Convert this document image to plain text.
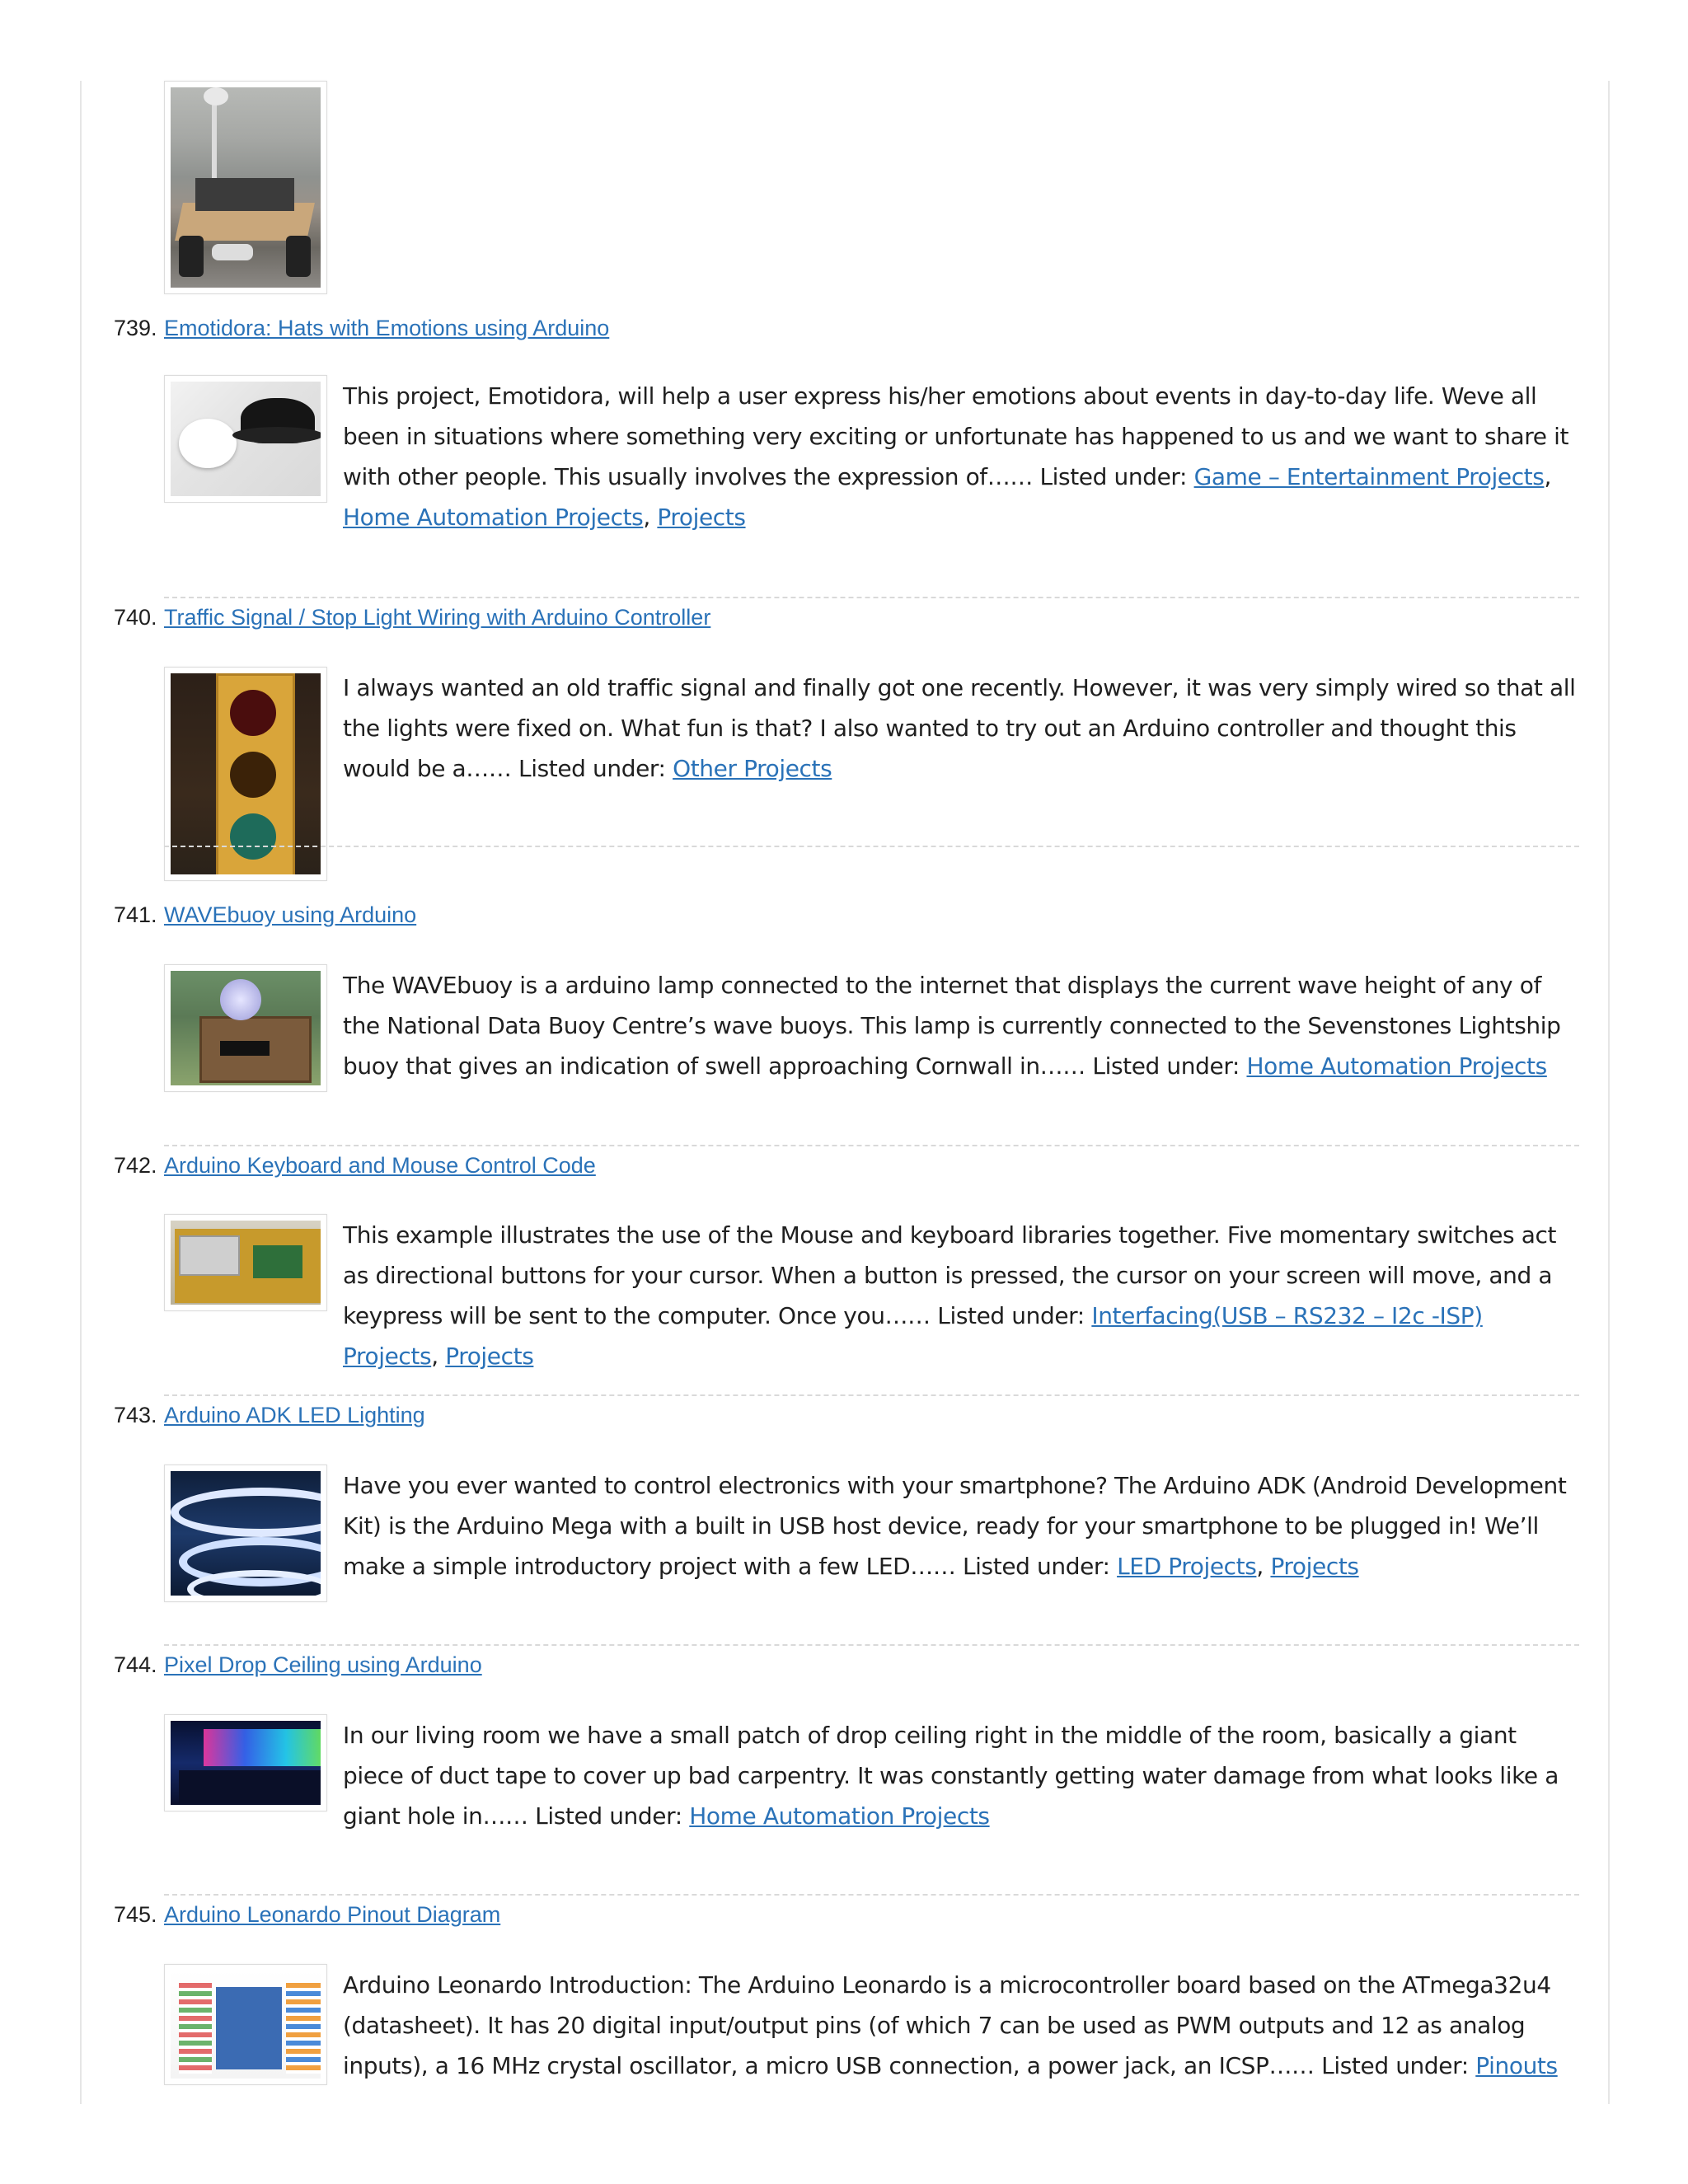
739. Emotidora: Hats with Emotions using Arduino
This project, Emotidora, will help a user express his/her emotions about events in day-to-day life. Weve all been in situations where something very exciting or unfortunate has happened to us and we want to share it with other people. This usually involves the expression of…… Listed under: Game – Entertainment Projects, Home Automation Projects, Projects
740. Traffic Signal / Stop Light Wiring with Arduino Controller
I always wanted an old traffic signal and finally got one recently. However, it was very simply wired so that all the lights were fixed on. What fun is that? I also wanted to try out an Arduino controller and thought this would be a…… Listed under: Other Projects
741. WAVEbuoy using Arduino
The WAVEbuoy is a arduino lamp connected to the internet that displays the current wave height of any of the National Data Buoy Centre’s wave buoys. This lamp is currently connected to the Sevenstones Lightship buoy that gives an indication of swell approaching Cornwall in…… Listed under: Home Automation Projects
742. Arduino Keyboard and Mouse Control Code
This example illustrates the use of the Mouse and keyboard libraries together. Five momentary switches act as directional buttons for your cursor. When a button is pressed, the cursor on your screen will move, and a keypress will be sent to the computer. Once you…… Listed under: Interfacing(USB – RS232 – I2c -ISP) Projects, Projects
743. Arduino ADK LED Lighting
Have you ever wanted to control electronics with your smartphone? The Arduino ADK (Android Development Kit) is the Arduino Mega with a built in USB host device, ready for your smartphone to be plugged in! We’ll make a simple introductory project with a few LED…… Listed under: LED Projects, Projects
744. Pixel Drop Ceiling using Arduino
In our living room we have a small patch of drop ceiling right in the middle of the room, basically a giant piece of duct tape to cover up bad carpentry. It was constantly getting water damage from what looks like a giant hole in…… Listed under: Home Automation Projects
745. Arduino Leonardo Pinout Diagram
Arduino Leonardo Introduction: The Arduino Leonardo is a microcontroller board based on the ATmega32u4 (datasheet). It has 20 digital input/output pins (of which 7 can be used as PWM outputs and 12 as analog inputs), a 16 MHz crystal oscillator, a micro USB connection, a power jack, an ICSP…… Listed under: Pinouts
